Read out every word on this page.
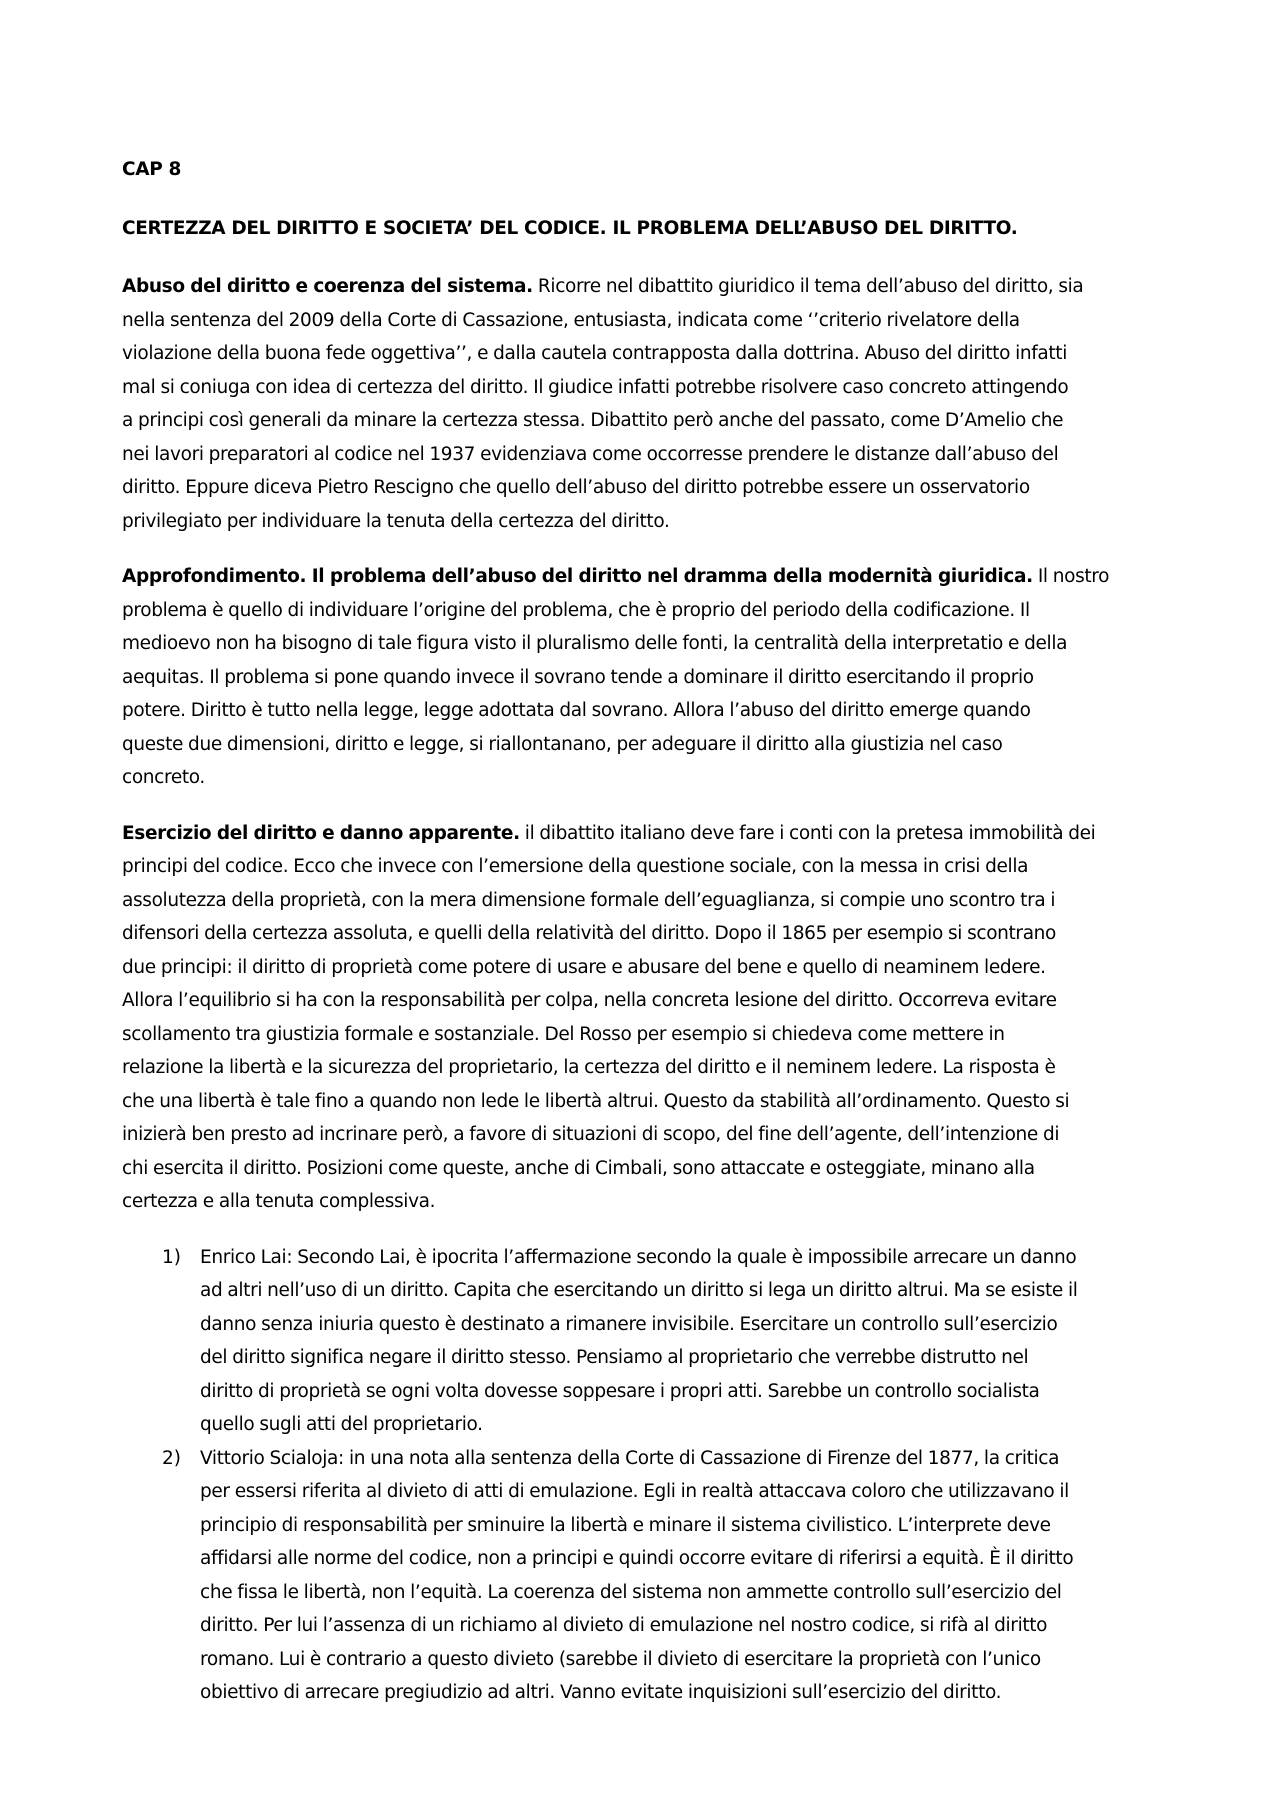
CAP 8
CERTEZZA DEL DIRITTO E SOCIETA’ DEL CODICE. IL PROBLEMA DELL’ABUSO DEL DIRITTO.
Abuso del diritto e coerenza del sistema. Ricorre nel dibattito giuridico il tema dell’abuso del diritto, sia
nella sentenza del 2009 della Corte di Cassazione, entusiasta, indicata come ‘’criterio rivelatore della
violazione della buona fede oggettiva’’, e dalla cautela contrapposta dalla dottrina. Abuso del diritto infatti
mal si coniuga con idea di certezza del diritto. Il giudice infatti potrebbe risolvere caso concreto attingendo
a principi così generali da minare la certezza stessa. Dibattito però anche del passato, come D’Amelio che
nei lavori preparatori al codice nel 1937 evidenziava come occorresse prendere le distanze dall’abuso del
diritto. Eppure diceva Pietro Rescigno che quello dell’abuso del diritto potrebbe essere un osservatorio
privilegiato per individuare la tenuta della certezza del diritto.
Approfondimento. Il problema dell’abuso del diritto nel dramma della modernità giuridica. Il nostro
problema è quello di individuare l’origine del problema, che è proprio del periodo della codificazione. Il
medioevo non ha bisogno di tale figura visto il pluralismo delle fonti, la centralità della interpretatio e della
aequitas. Il problema si pone quando invece il sovrano tende a dominare il diritto esercitando il proprio
potere. Diritto è tutto nella legge, legge adottata dal sovrano. Allora l’abuso del diritto emerge quando
queste due dimensioni, diritto e legge, si riallontanano, per adeguare il diritto alla giustizia nel caso
concreto.
Esercizio del diritto e danno apparente. il dibattito italiano deve fare i conti con la pretesa immobilità dei
principi del codice. Ecco che invece con l’emersione della questione sociale, con la messa in crisi della
assolutezza della proprietà, con la mera dimensione formale dell’eguaglianza, si compie uno scontro tra i
difensori della certezza assoluta, e quelli della relatività del diritto. Dopo il 1865 per esempio si scontrano
due principi: il diritto di proprietà come potere di usare e abusare del bene e quello di neaminem ledere.
Allora l’equilibrio si ha con la responsabilità per colpa, nella concreta lesione del diritto. Occorreva evitare
scollamento tra giustizia formale e sostanziale. Del Rosso per esempio si chiedeva come mettere in
relazione la libertà e la sicurezza del proprietario, la certezza del diritto e il neminem ledere. La risposta è
che una libertà è tale fino a quando non lede le libertà altrui. Questo da stabilità all’ordinamento. Questo si
inizierà ben presto ad incrinare però, a favore di situazioni di scopo, del fine dell’agente, dell’intenzione di
chi esercita il diritto. Posizioni come queste, anche di Cimbali, sono attaccate e osteggiate, minano alla
certezza e alla tenuta complessiva.
1) Enrico Lai: Secondo Lai, è ipocrita l’affermazione secondo la quale è impossibile arrecare un danno
ad altri nell’uso di un diritto. Capita che esercitando un diritto si lega un diritto altrui. Ma se esiste il
danno senza iniuria questo è destinato a rimanere invisibile. Esercitare un controllo sull’esercizio
del diritto significa negare il diritto stesso. Pensiamo al proprietario che verrebbe distrutto nel
diritto di proprietà se ogni volta dovesse soppesare i propri atti. Sarebbe un controllo socialista
quello sugli atti del proprietario.
2) Vittorio Scialoja: in una nota alla sentenza della Corte di Cassazione di Firenze del 1877, la critica
per essersi riferita al divieto di atti di emulazione. Egli in realtà attaccava coloro che utilizzavano il
principio di responsabilità per sminuire la libertà e minare il sistema civilistico. L’interprete deve
affidarsi alle norme del codice, non a principi e quindi occorre evitare di riferirsi a equità. È il diritto
che fissa le libertà, non l’equità. La coerenza del sistema non ammette controllo sull’esercizio del
diritto. Per lui l’assenza di un richiamo al divieto di emulazione nel nostro codice, si rifà al diritto
romano. Lui è contrario a questo divieto (sarebbe il divieto di esercitare la proprietà con l’unico
obiettivo di arrecare pregiudizio ad altri. Vanno evitate inquisizioni sull’esercizio del diritto.
